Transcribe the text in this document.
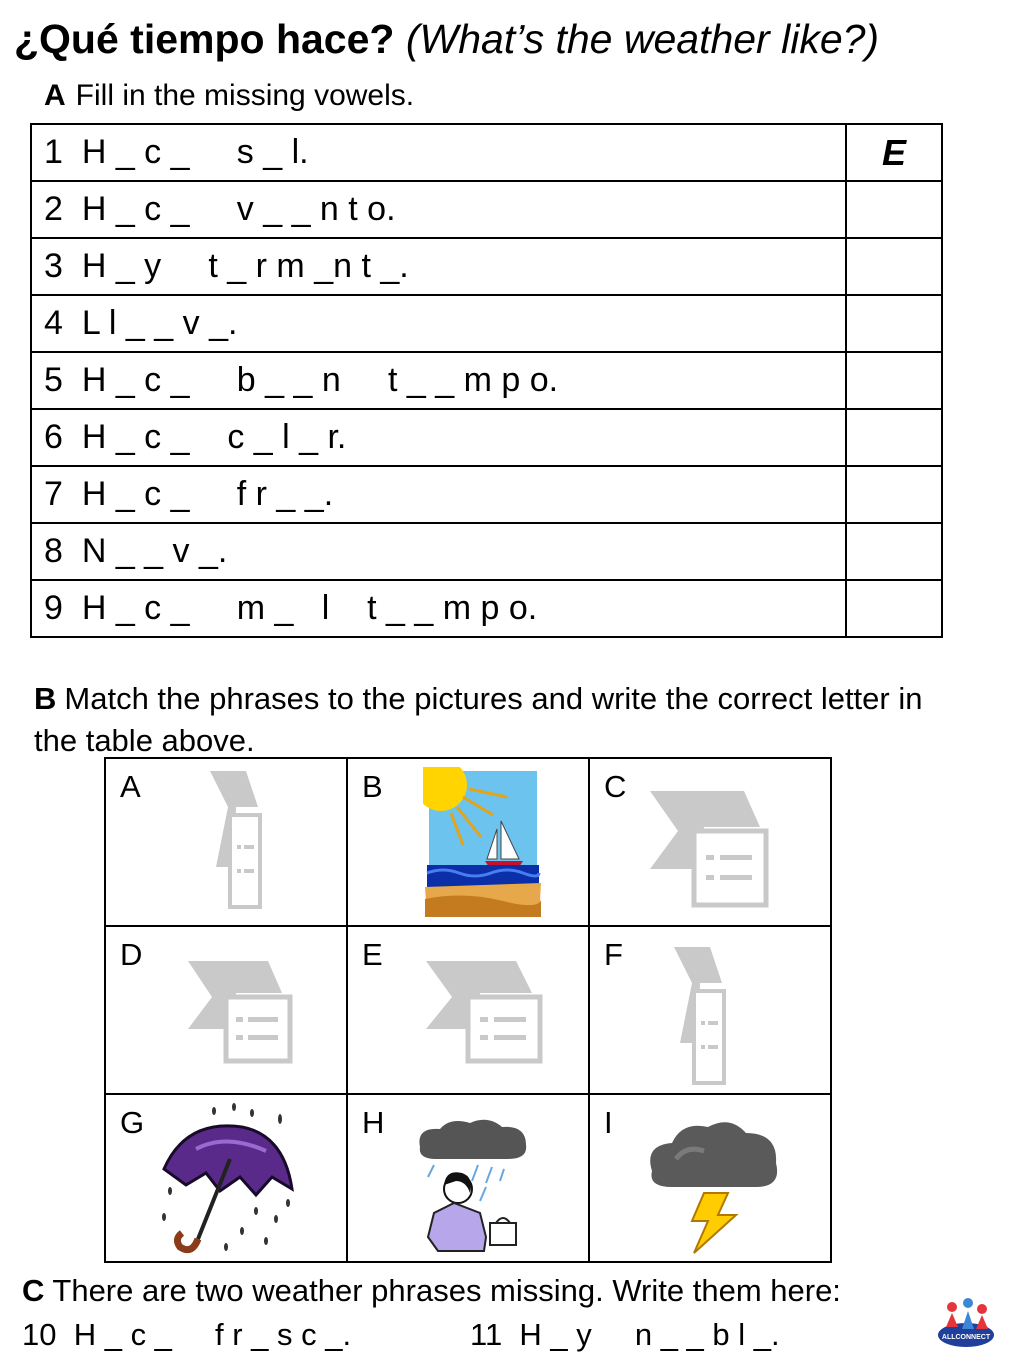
¿Qué tiempo hace? (What’s the weather like?)
A Fill in the missing vowels.
1 H _ c _     s _ l.	E
2 H _ c _     v _ _ n t o.	
3 H _ y     t _ r m _n t _.	
4 L l _ _ v _.	
5 H _ c _     b _ _ n     t _ _ m p o.	
6 H _ c _    c _ l _ r.	
7 H _ c _     f r _ _.	
8 N _ _ v _.	
9 H _ c _     m _   l    t _ _ m p o.	
B Match the phrases to the pictures and write the correct letter in the table above.
A	B	C

D	E	F

G	H	I
C There are two weather phrases missing. Write them here:
10 H _ c _     f r _ s c _.	11 H _ y     n _ _ b l _.	ALLCONNECT
